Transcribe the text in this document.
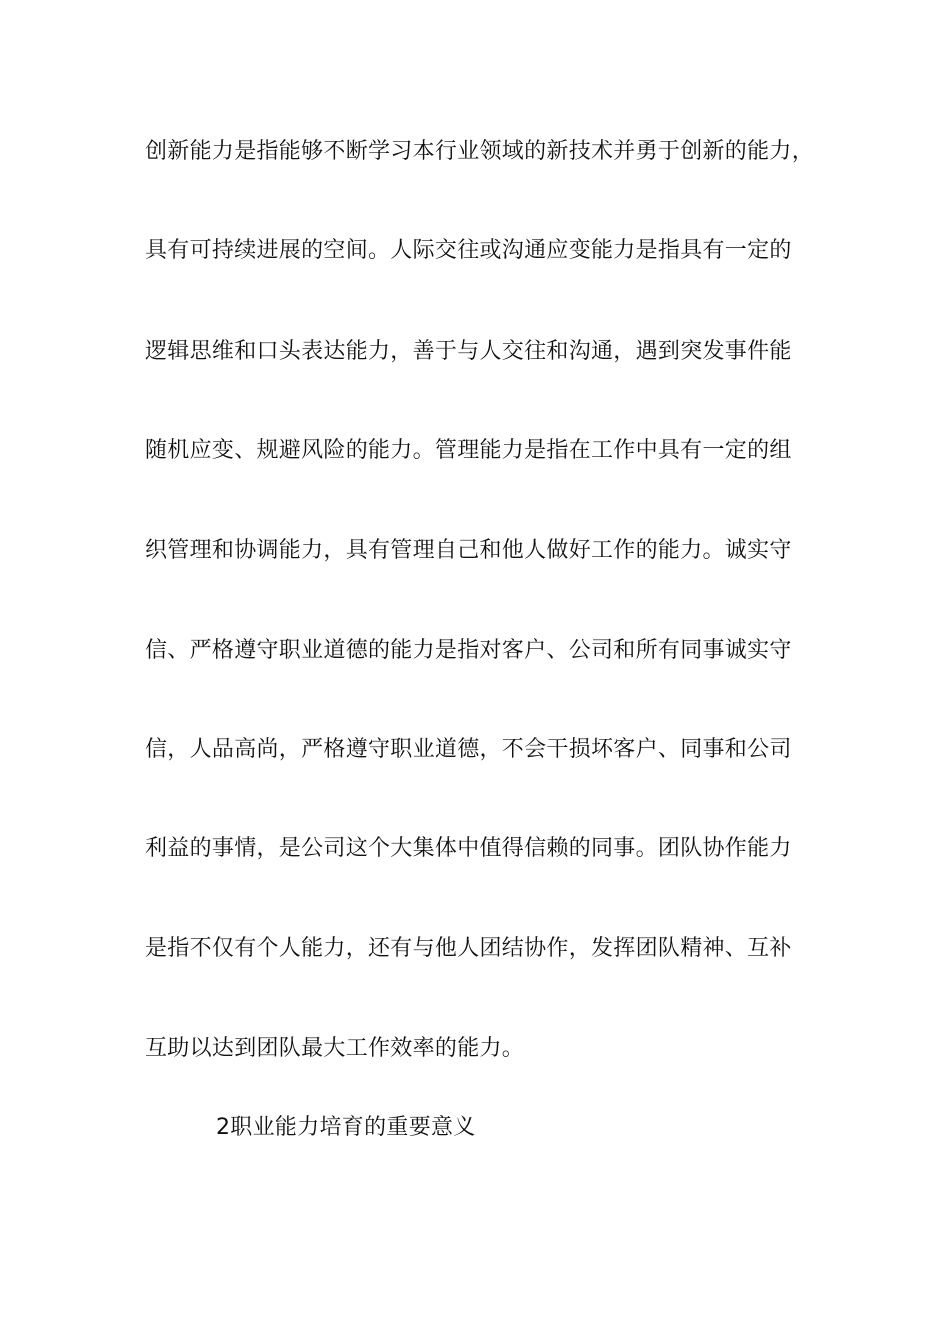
创新能力是指能够不断学习本行业领域的新技术并勇于创新的能力，
具有可持续进展的空间。人际交往或沟通应变能力是指具有一定的
逻辑思维和口头表达能力，善于与人交往和沟通，遇到突发事件能
随机应变、规避风险的能力。管理能力是指在工作中具有一定的组
织管理和协调能力，具有管理自己和他人做好工作的能力。诚实守
信、严格遵守职业道德的能力是指对客户、公司和所有同事诚实守
信，人品高尚，严格遵守职业道德，不会干损坏客户、同事和公司
利益的事情，是公司这个大集体中值得信赖的同事。团队协作能力
是指不仅有个人能力，还有与他人团结协作，发挥团队精神、互补
互助以达到团队最大工作效率的能力。
2职业能力培育的重要意义
